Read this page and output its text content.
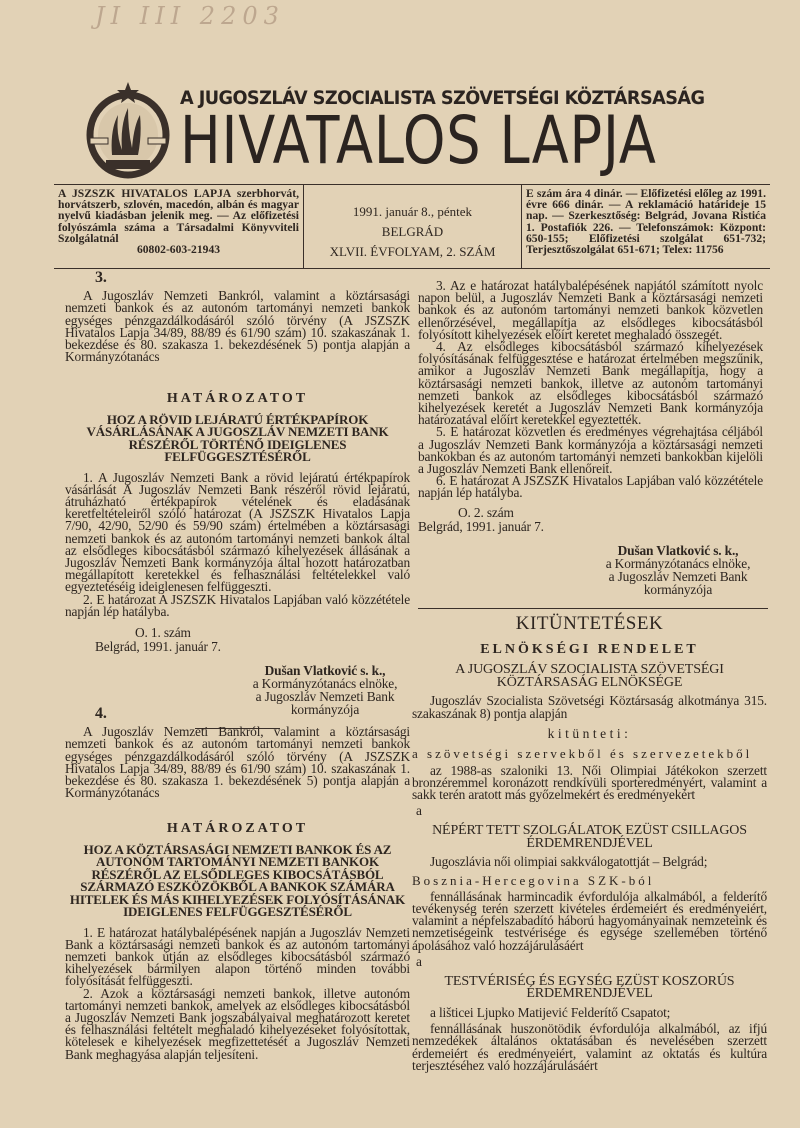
JI III 2203
A JUGOSZLÁV SZOCIALISTA SZÖVETSÉGI KÖZTÁRSASÁG
HIVATALOS LAPJA
A JSZSZK HIVATALOS LAPJA szerbhorvát, horvátszerb, szlovén, macedón, albán és magyar nyelvű kiadásban jelenik meg. — Az előfizetési folyószámla száma a Társadalmi Könyvviteli Szolgálatnál
60802-603-21943
1991. január 8., péntek
BELGRÁD
XLVII. ÉVFOLYAM, 2. SZÁM
E szám ára 4 dinár. — Előfizetési előleg az 1991. évre 666 dinár. — A reklamáció határideje 15 nap. — Szerkesztőség: Belgrád, Jovana Ristića 1. Postafiók 226. — Telefonszámok: Központ: 650-155; Előfizetési szolgálat 651-732; Terjesztőszolgálat 651-671; Telex: 11756
3.

A Jugoszláv Nemzeti Bankról, valamint a köztársasági nemzeti bankok és az autonóm tartományi nemzeti bankok egységes pénzgazdálkodásáról szóló törvény (A JSZSZK Hivatalos Lapja 34/89, 88/89 és 61/90 szám) 10. szakaszának 1. bekezdése és 80. szakasza 1. bekezdésének 5) pontja alapján a Kormányzótanács

HATÁROZATOT
HOZ A RÖVID LEJÁRATÚ ÉRTÉKPAPÍROK VÁSÁRLÁSÁNAK A JUGOSZLÁV NEMZETI BANK RÉSZÉRŐL TÖRTÉNŐ IDEIGLENES FELFÜGGESZTÉSÉRŐL

1. A Jugoszláv Nemzeti Bank a rövid lejáratú értékpapírok vásárlását A Jugoszláv Nemzeti Bank részéről rövid lejáratú, átruházható értékpapírok vételének és eladásának keretfeltételeiről szóló határozat (A JSZSZK Hivatalos Lapja 7/90, 42/90, 52/90 és 59/90 szám) értelmében a köztársasági nemzeti bankok és az autonóm tartományi nemzeti bankok által az elsődleges kibocsátásból származó kihelyezések állásának a Jugoszláv Nemzeti Bank kormányzója által hozott határozatban megállapított keretekkel és felhasználási feltételekkel való egyeztetéséig ideiglenesen felfüggeszti.

2. E határozat A JSZSZK Hivatalos Lapjában való közzététele napján lép hatályba.

O. 1. szám
Belgrád, 1991. január 7.
Dušan Vlatković s. k.,
a Kormányzótanács elnöke,
a Jugoszláv Nemzeti Bank
kormányzója
4.

A Jugoszláv Nemzeti Bankról, valamint a köztársasági nemzeti bankok és az autonóm tartományi nemzeti bankok egységes pénzgazdálkodásáról szóló törvény (A JSZSZK Hivatalos Lapja 34/89, 88/89 és 61/90 szám) 10. szakaszának 1. bekezdése és 80. szakasza 1. bekezdésének 5) pontja alapján a Kormányzótanács

HATÁROZATOT
HOZ A KÖZTÁRSASÁGI NEMZETI BANKOK ÉS AZ AUTONÓM TARTOMÁNYI NEMZETI BANKOK RÉSZÉRŐL AZ ELSŐDLEGES KIBOCSÁTÁSBÓL SZÁRMAZÓ ESZKÖZÖKBŐL A BANKOK SZÁMÁRA HITELEK ÉS MÁS KIHELYEZÉSEK FOLYÓSÍTÁSÁNAK IDEIGLENES FELFÜGGESZTÉSÉRŐL

1. E határozat hatálybalépésének napján a Jugoszláv Nemzeti Bank a köztársasági nemzeti bankok és az autonóm tartományi nemzeti bankok útján az elsődleges kibocsátásból származó kihelyezések bármilyen alapon történő minden további folyósítását felfüggeszti.

2. Azok a köztársasági nemzeti bankok, illetve autonóm tartományi nemzeti bankok, amelyek az elsődleges kibocsátásból a Jugoszláv Nemzeti Bank jogszabályaival meghatározott keretet és felhasználási feltételt meghaladó kihelyezéseket folyósítottak, kötelesek e kihelyezések megfizettetését a Jugoszláv Nemzeti Bank meghagyása alapján teljesíteni.

3. Az e határozat hatálybalépésének napjától számított nyolc napon belül, a Jugoszláv Nemzeti Bank a köztársasági nemzeti bankok és az autonóm tartományi nemzeti bankok közvetlen ellenőrzésével, megállapítja az elsődleges kibocsátásból folyósított kihelyezések előírt keretet meghaladó összegét.

4. Az elsődleges kibocsátásból származó kihelyezések folyósításának felfüggesztése e határozat értelmében megszűnik, amikor a Jugoszláv Nemzeti Bank megállapítja, hogy a köztársasági nemzeti bankok, illetve az autonóm tartományi nemzeti bankok az elsődleges kibocsátásból származó kihelyezések keretét a Jugoszláv Nemzeti Bank kormányzója határozatával előírt keretekkel egyeztették.

5. E határozat közvetlen és eredményes végrehajtása céljából a Jugoszláv Nemzeti Bank kormányzója a köztársasági nemzeti bankokban és az autonóm tartományi nemzeti bankokban kijelöli a Jugoszláv Nemzeti Bank ellenőreit.

6. E határozat A JSZSZK Hivatalos Lapjában való közzététele napján lép hatályba.

O. 2. szám
Belgrád, 1991. január 7.
Dušan Vlatković s. k.,
a Kormányzótanács elnöke,
a Jugoszláv Nemzeti Bank
kormányzója
KITÜNTETÉSEK
ELNÖKSÉGI RENDELET
A JUGOSZLÁV SZOCIALISTA SZÖVETSÉGI KÖZTÁRSASÁG ELNÖKSÉGE

Jugoszláv Szocialista Szövetségi Köztársaság alkotmánya 315. szakaszának 8) pontja alapján

kitünteti:
a szövetségi szervekből és szervezetekből

az 1988-as szaloniki 13. Női Olimpiai Játékokon szerzett bronzéremmel koronázott rendkívüli sporteredményért, valamint a sakk terén aratott más győzelmekért és eredményekért

a

NÉPÉRT TETT SZOLGÁLATOK EZÜST CSILLAGOS ÉRDEMRENDJÉVEL

Jugoszlávia női olimpiai sakkválogatottját – Belgrád;

Bosznia-Hercegovina SZK-ból

fennállásának harmincadik évfordulója alkalmából, a felderítő tevékenység terén szerzett kivételes érdemeiért és eredményeiért, valamint a népfelszabadító háború hagyományainak nemzeteink és nemzetiségeink testvérisége és egysége szellemében történő ápolásához való hozzájárulásáért

a

TESTVÉRISÉG ÉS EGYSÉG EZÜST KOSZORÚS ÉRDEMRENDJÉVEL

a lišticei Ljupko Matijević Felderítő Csapatot;

fennállásának huszonötödik évfordulója alkalmából, az ifjú nemzedékek általános oktatásában és nevelésében szerzett érdemeiért és eredményeiért, valamint az oktatás és kultúra terjesztéséhez való hozzájárulásáért
